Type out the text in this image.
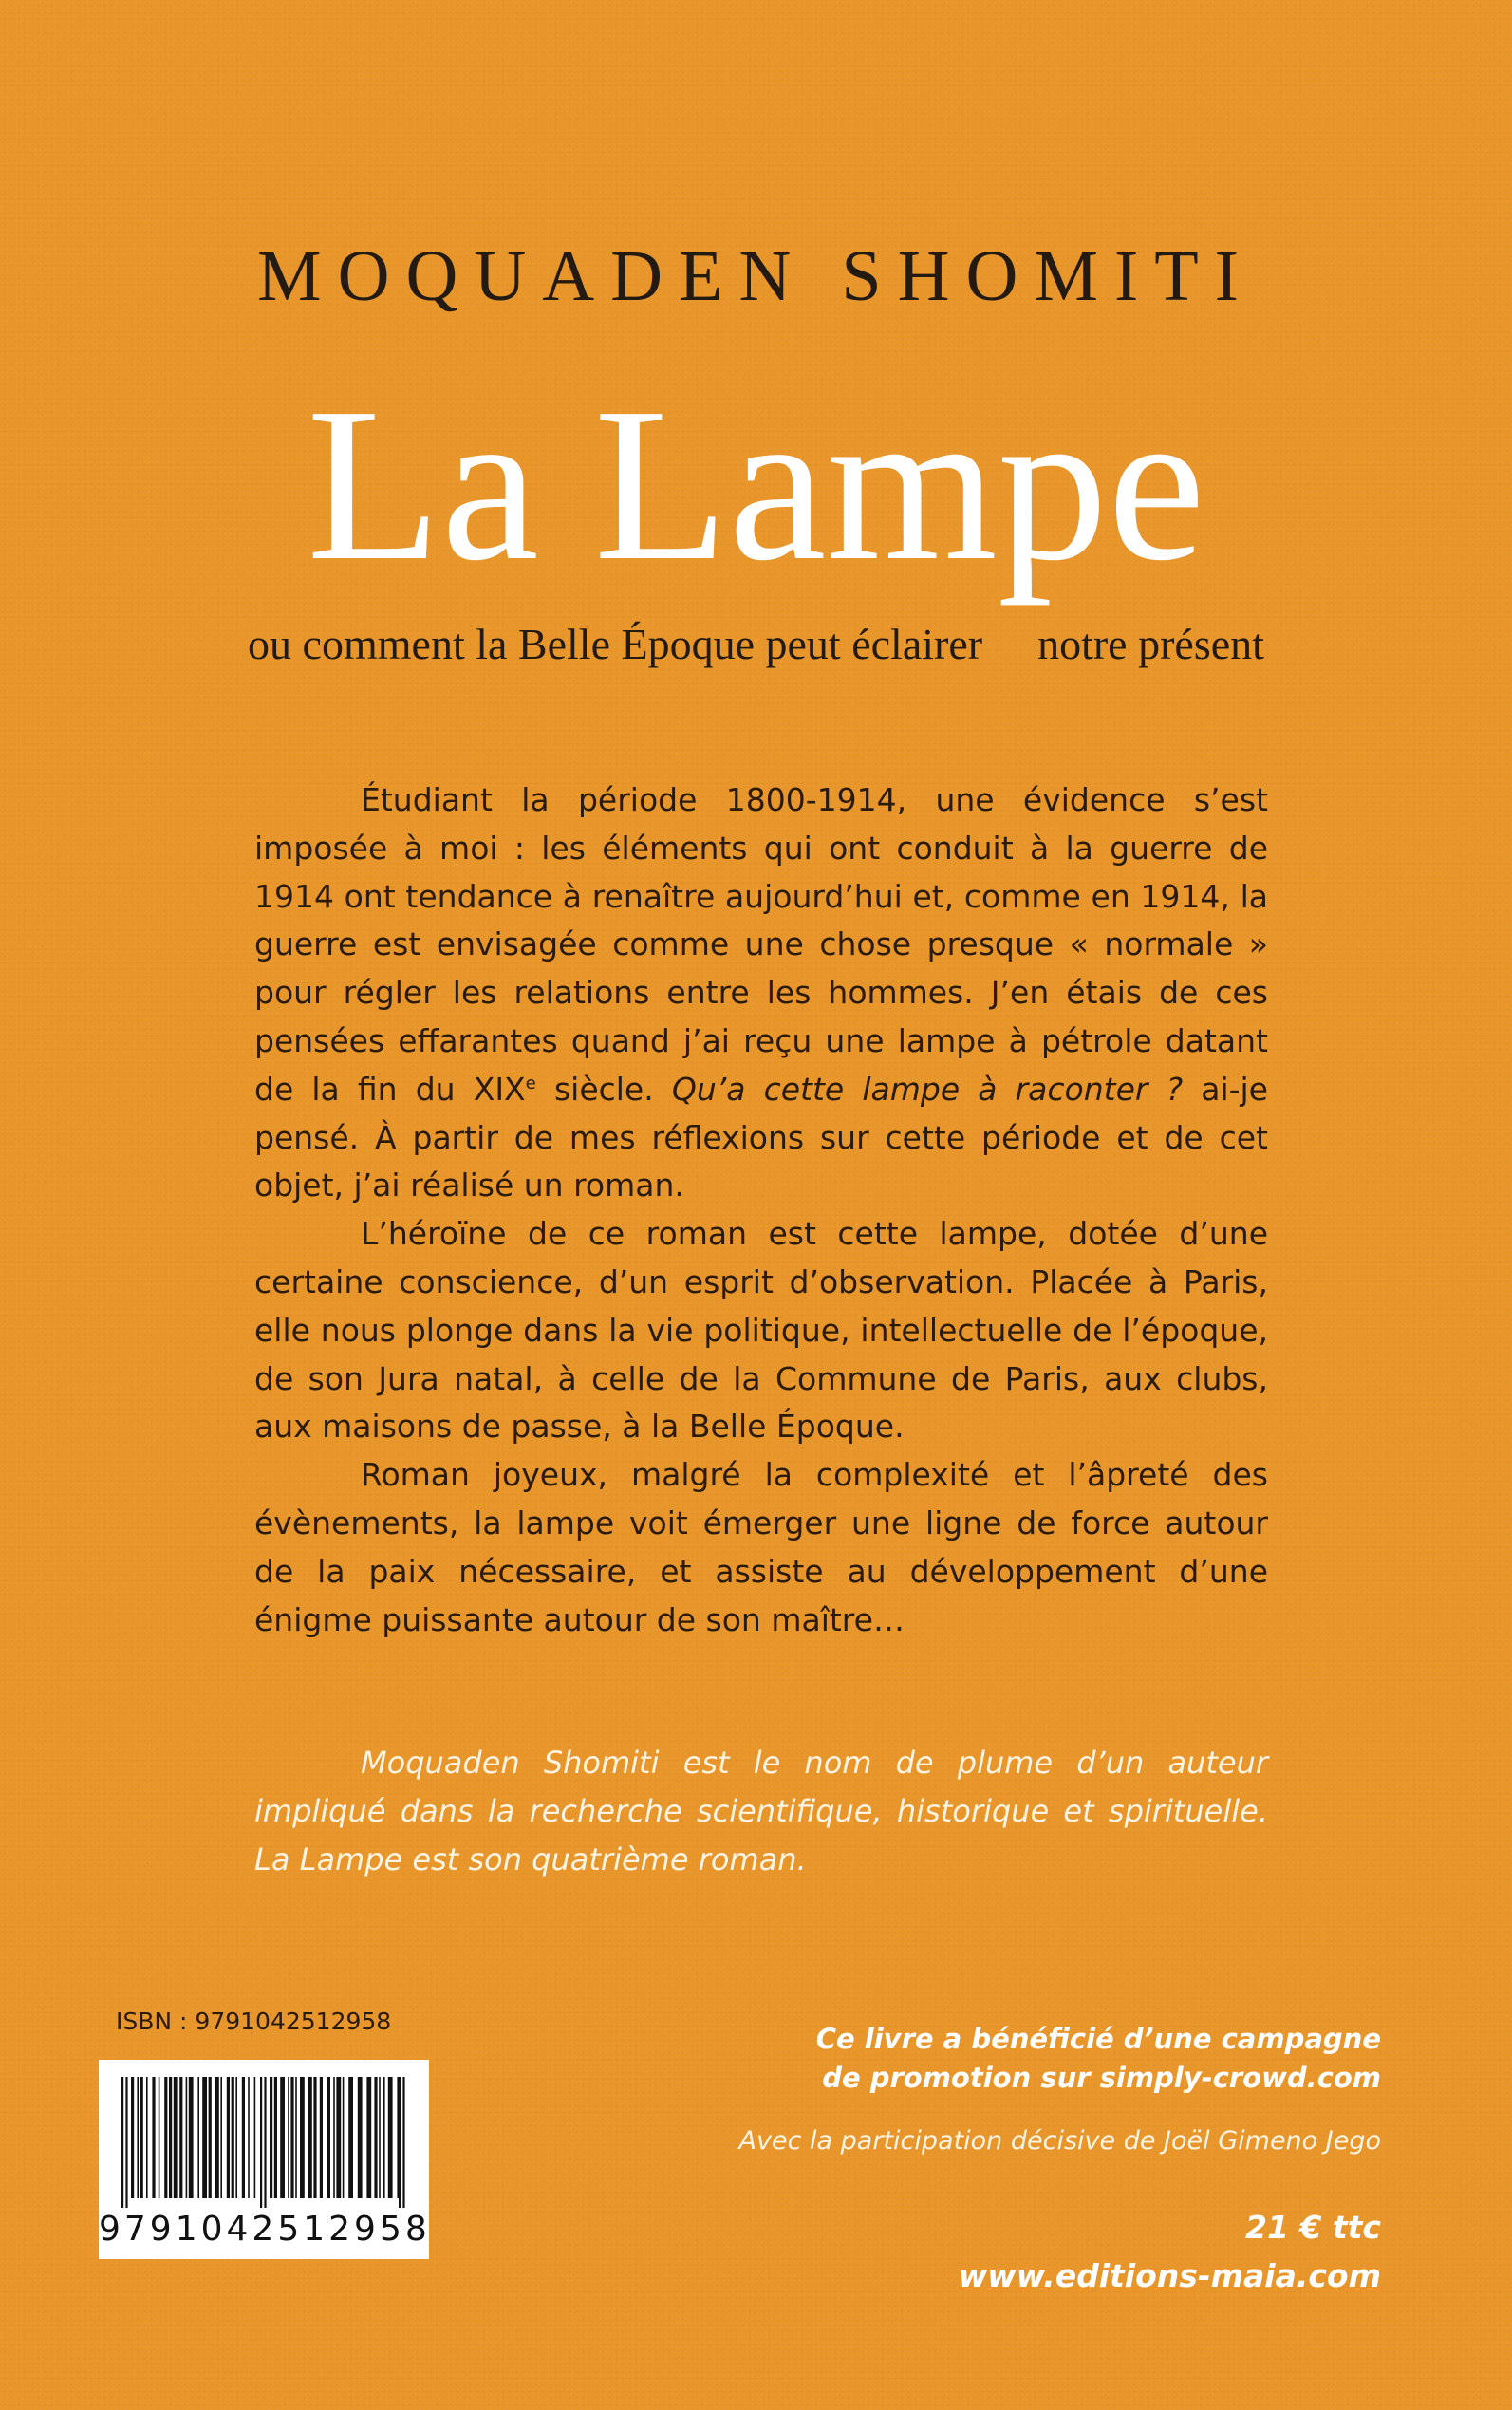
MOQUADEN SHOMITI
La Lampe
ou comment la Belle Époque peut éclairer notre présent

Étudiant la période 1800-1914, une évidence s’est imposée à moi : les éléments qui ont conduit à la guerre de 1914 ont tendance à renaître aujourd’hui et, comme en 1914, la guerre est envisagée comme une chose presque « normale » pour régler les relations entre les hommes. J’en étais de ces pensées effarantes quand j’ai reçu une lampe à pétrole datant de la fin du XIXe siècle. Qu’a cette lampe à raconter ? ai-je pensé. À partir de mes réflexions sur cette période et de cet objet, j’ai réalisé un roman.

L’héroïne de ce roman est cette lampe, dotée d’une certaine conscience, d’un esprit d’observation. Placée à Paris, elle nous plonge dans la vie politique, intellectuelle de l’époque, de son Jura natal, à celle de la Commune de Paris, aux clubs, aux maisons de passe, à la Belle Époque.

Roman joyeux, malgré la complexité et l’âpreté des évènements, la lampe voit émerger une ligne de force autour de la paix nécessaire, et assiste au développement d’une énigme puissante autour de son maître…

Moquaden Shomiti est le nom de plume d’un auteur impliqué dans la recherche scientifique, historique et spirituelle. La Lampe est son quatrième roman.

ISBN : 9791042512958
9791042512958
Ce livre a bénéficié d’une campagne
de promotion sur simply-crowd.com
Avec la participation décisive de Joël Gimeno Jego
21 € ttc
www.editions-maia.com
